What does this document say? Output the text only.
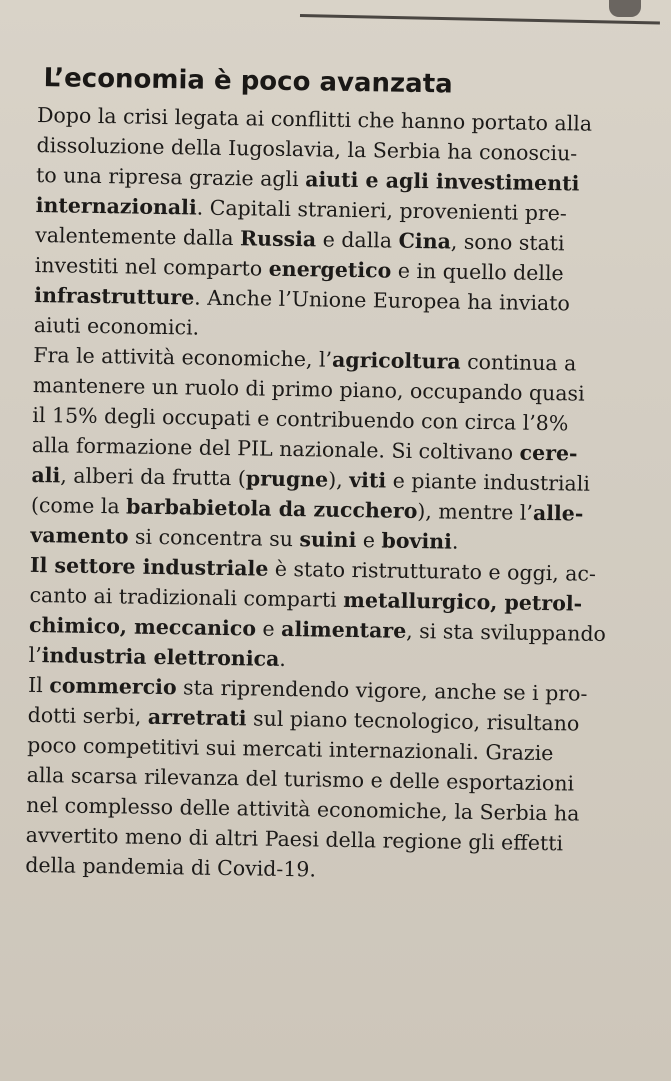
L’economia è poco avanzata

Dopo la crisi legata ai conflitti che hanno portato alla
dissoluzione della Iugoslavia, la Serbia ha conosciu-
to una ripresa grazie agli aiuti e agli investimenti
internazionali. Capitali stranieri, provenienti pre-
valentemente dalla Russia e dalla Cina, sono stati
investiti nel comparto energetico e in quello delle
infrastrutture. Anche l’Unione Europea ha inviato
aiuti economici.

Fra le attività economiche, l’agricoltura continua a
mantenere un ruolo di primo piano, occupando quasi
il 15% degli occupati e contribuendo con circa l’8%
alla formazione del PIL nazionale. Si coltivano cere-
ali, alberi da frutta (prugne), viti e piante industriali
(come la barbabietola da zucchero), mentre l’alle-
vamento si concentra su suini e bovini.

Il settore industriale è stato ristrutturato e oggi, ac-
canto ai tradizionali comparti metallurgico, petrol-
chimico, meccanico e alimentare, si sta sviluppando
l’industria elettronica.

Il commercio sta riprendendo vigore, anche se i pro-
dotti serbi, arretrati sul piano tecnologico, risultano
poco competitivi sui mercati internazionali. Grazie
alla scarsa rilevanza del turismo e delle esportazioni
nel complesso delle attività economiche, la Serbia ha
avvertito meno di altri Paesi della regione gli effetti
della pandemia di Covid-19.
